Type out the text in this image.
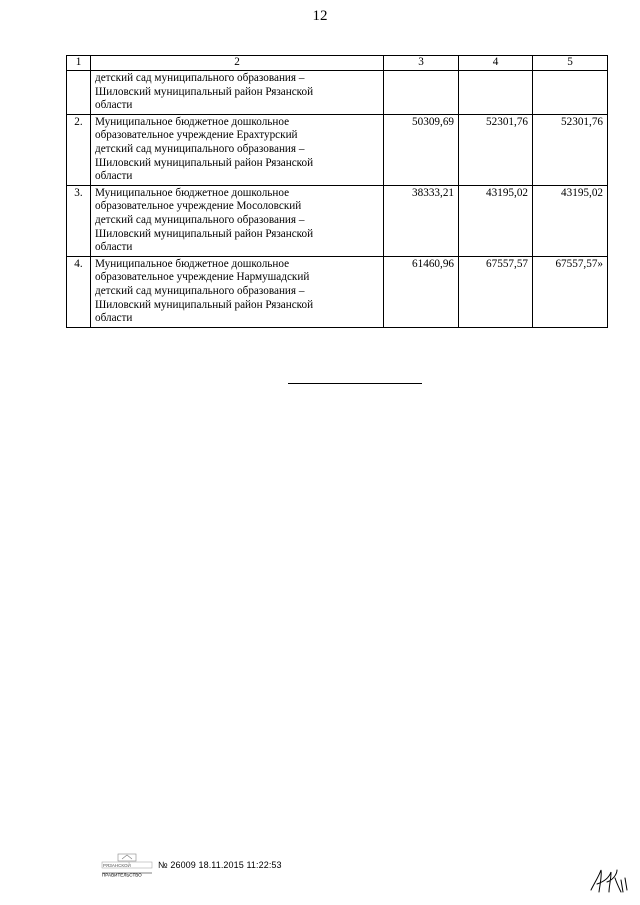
12
1	2	3	4	5

	детский сад муниципального образования –
Шиловский муниципальный район Рязанской
области			

2.	Муниципальное бюджетное дошкольное
образовательное учреждение Ерахтурский
детский сад муниципального образования –
Шиловский муниципальный район Рязанской
области	50309,69	52301,76	52301,76
3.	Муниципальное бюджетное дошкольное
образовательное учреждение Мосоловский
детский сад муниципального образования –
Шиловский муниципальный район Рязанской
области	38333,21	43195,02	43195,02
4.	Муниципальное бюджетное дошкольное
образовательное учреждение Нармушадский
детский сад муниципального образования –
Шиловский муниципальный район Рязанской
области	61460,96	67557,57	67557,57»
РЯЗАНСКОЙ
ПРАВИТЕЛЬСТВО
№ 26009 18.11.2015 11:22:53
